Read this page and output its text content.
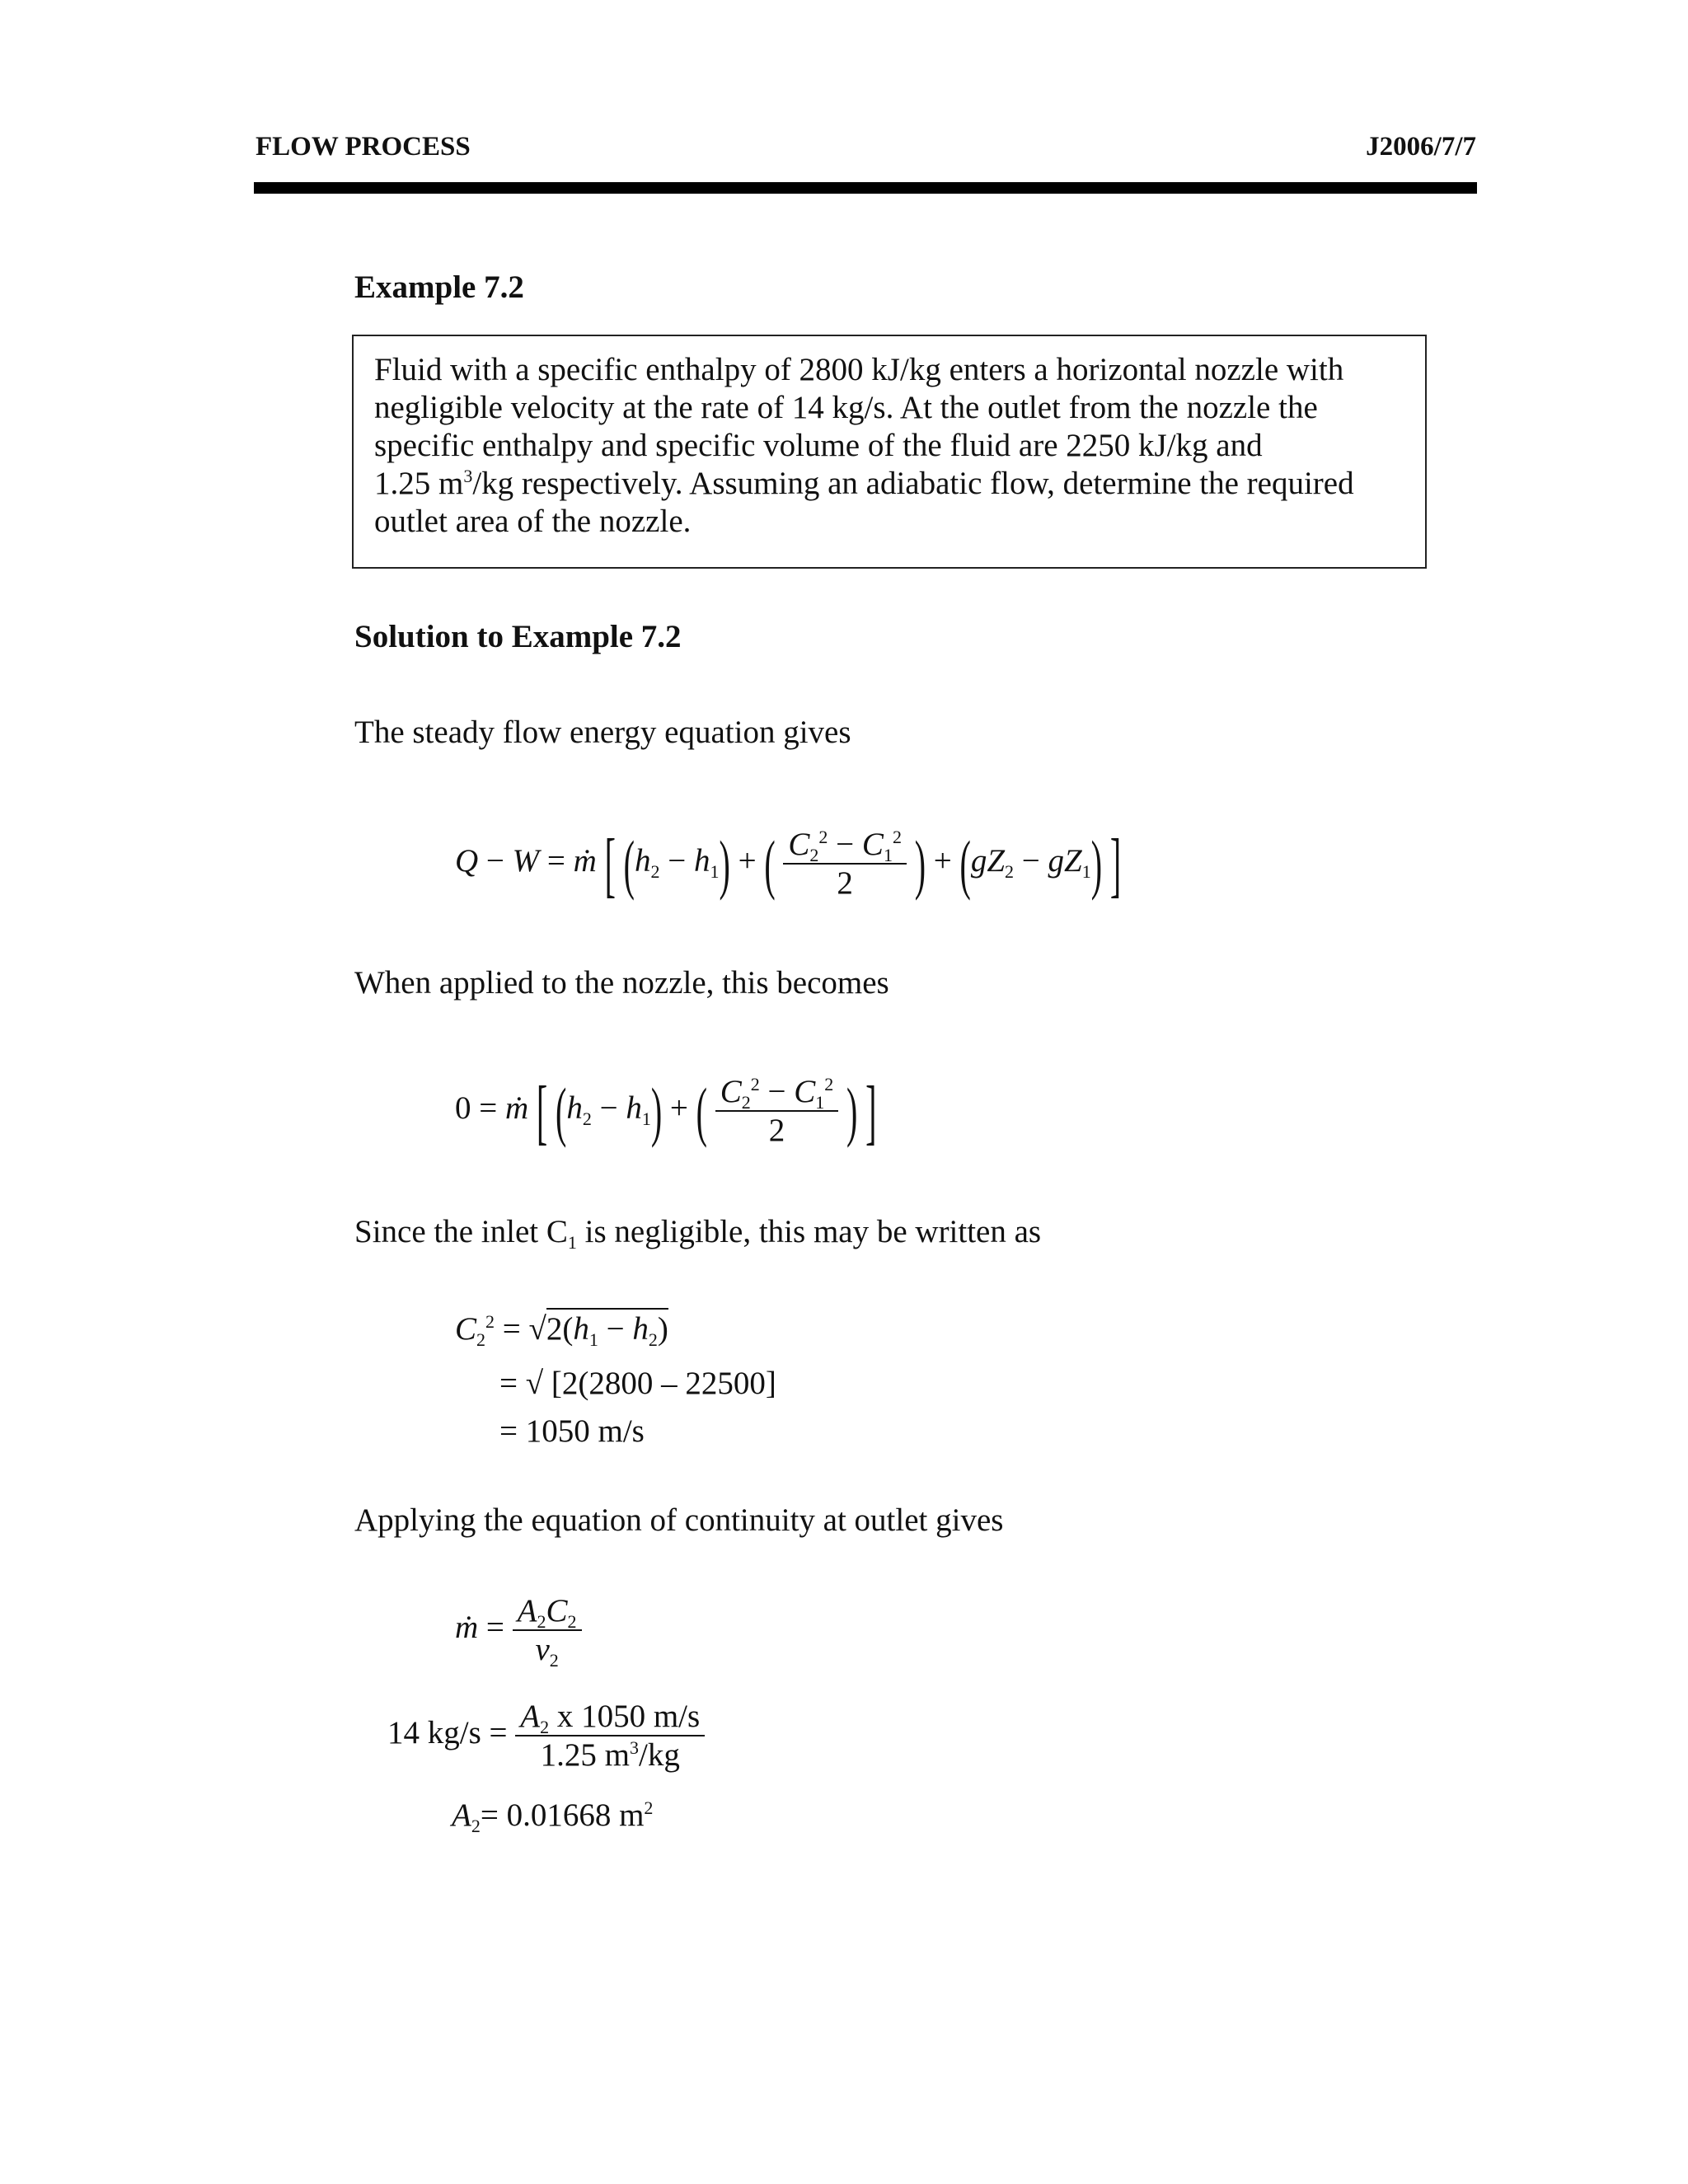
FLOW PROCESS	J2006/7/7
Example 7.2

Fluid with a specific enthalpy of 2800 kJ/kg enters a horizontal nozzle with

negligible velocity at the rate of 14 kg/s. At the outlet from the nozzle the

specific enthalpy and specific volume of the fluid are 2250 kJ/kg and

1.25 $m^3/kg$ respectively. Assuming an adiabatic flow, determine the required

outlet area of the nozzle.

Solution to Example 7.2
The steady flow energy equation gives
Q − W = ṁ [ $(h_2 - h_1)$ + ( $\frac{C_2^2 - C_1^2}{2}$ ) + $(gZ_2 - gZ_1)$ ]
When applied to the nozzle, this becomes
0 = ṁ [ $(h_2 - h_1)$ + ( $\frac{C_2^2 - C_1^2}{2}$ ) ]
Since the inlet $C_1$ is negligible, this may be written as
$C_2^2 = √2(h_1 - h_2)$
= √ [2(2800 – 22500]
= 1050 m/s
Applying the equation of continuity at outlet gives
ṁ = $\frac{A_2C_2}{v_2}$
14 $kg/s = \frac{A_2 x 1050 m/s}{1.25 m^3/kg}$
$A_2= 0.01668$ $m^2$
